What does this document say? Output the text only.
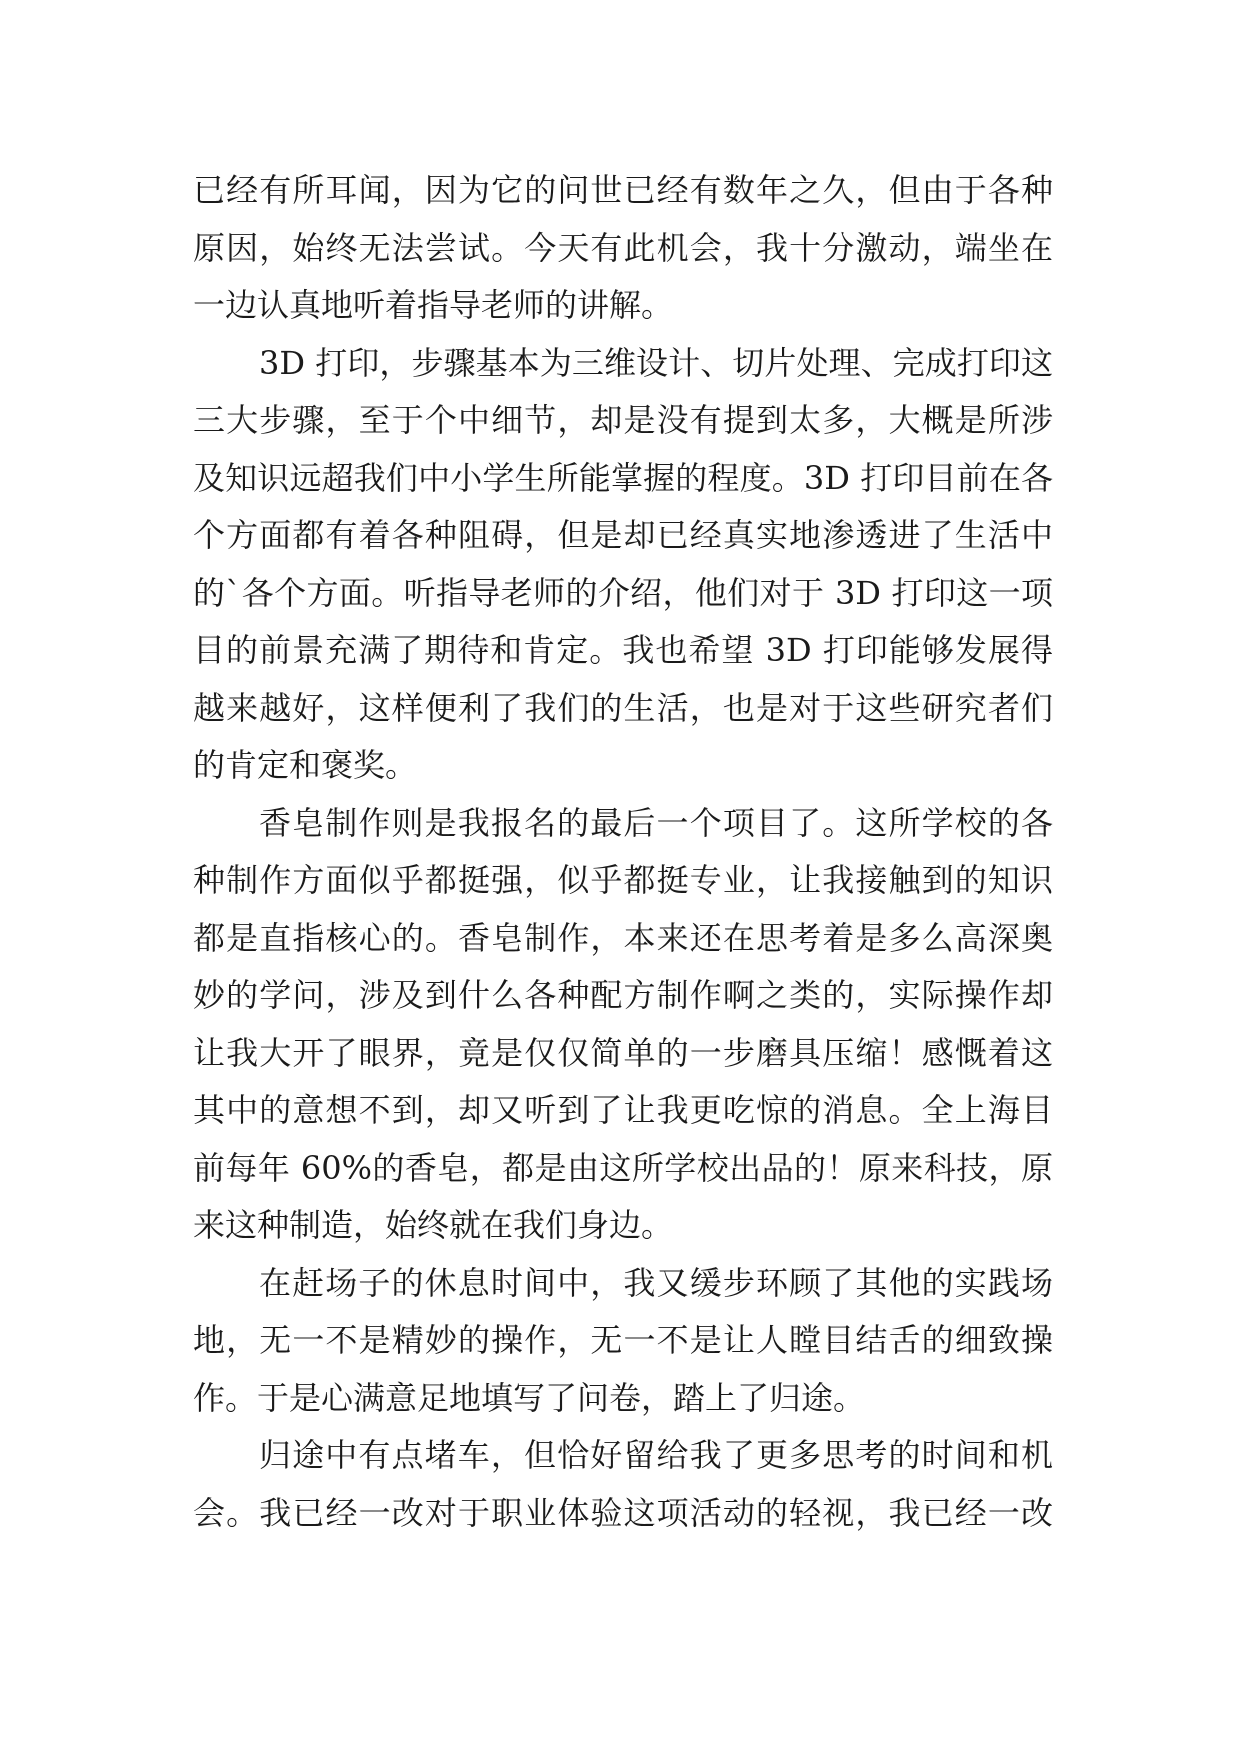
已经有所耳闻，因为它的问世已经有数年之久，但由于各种
原因，始终无法尝试。今天有此机会，我十分激动，端坐在
一边认真地听着指导老师的讲解。
3D 打印，步骤基本为三维设计、切片处理、完成打印这
三大步骤，至于个中细节，却是没有提到太多，大概是所涉
及知识远超我们中小学生所能掌握的程度。3D 打印目前在各
个方面都有着各种阻碍，但是却已经真实地渗透进了生活中
的`各个方面。听指导老师的介绍，他们对于 3D 打印这一项
目的前景充满了期待和肯定。我也希望 3D 打印能够发展得
越来越好，这样便利了我们的生活，也是对于这些研究者们
的肯定和褒奖。
香皂制作则是我报名的最后一个项目了。这所学校的各
种制作方面似乎都挺强，似乎都挺专业，让我接触到的知识
都是直指核心的。香皂制作，本来还在思考着是多么高深奥
妙的学问，涉及到什么各种配方制作啊之类的，实际操作却
让我大开了眼界，竟是仅仅简单的一步磨具压缩！感慨着这
其中的意想不到，却又听到了让我更吃惊的消息。全上海目
前每年 60%的香皂，都是由这所学校出品的！原来科技，原
来这种制造，始终就在我们身边。
在赶场子的休息时间中，我又缓步环顾了其他的实践场
地，无一不是精妙的操作，无一不是让人瞠目结舌的细致操
作。于是心满意足地填写了问卷，踏上了归途。
归途中有点堵车，但恰好留给我了更多思考的时间和机
会。我已经一改对于职业体验这项活动的轻视，我已经一改
